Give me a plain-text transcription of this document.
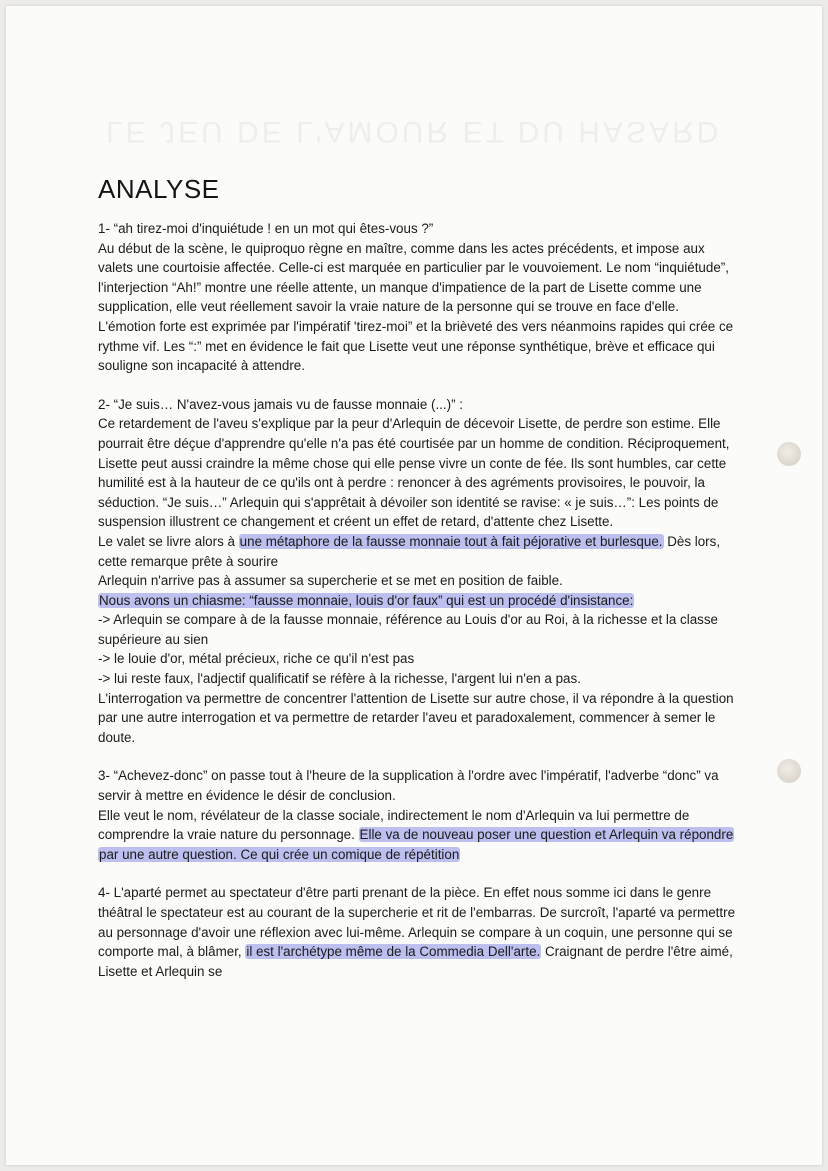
LE JEU DE L'AMOUR ET DU HASARD
ANALYSE

1- “ah tirez-moi d'inquiétude ! en un mot qui êtes-vous ?”

Au début de la scène, le quiproquo règne en maître, comme dans les actes précédents, et impose aux valets une courtoisie affectée. Celle-ci est marquée en particulier par le vouvoiement. Le nom “inquiétude”, l'interjection “Ah!” montre une réelle attente, un manque d'impatience de la part de Lisette comme une supplication, elle veut réellement savoir la vraie nature de la personne qui se trouve en face d'elle. L'émotion forte est exprimée par l'impératif 'tirez-moi” et la brièveté des vers néanmoins rapides qui crée ce rythme vif. Les “:” met en évidence le fait que Lisette veut une réponse synthétique, brève et efficace qui souligne son incapacité à attendre.

2- “Je suis… N'avez-vous jamais vu de fausse monnaie (...)” :

Ce retardement de l'aveu s'explique par la peur d'Arlequin de décevoir Lisette, de perdre son estime. Elle pourrait être déçue d'apprendre qu'elle n'a pas été courtisée par un homme de condition. Réciproquement, Lisette peut aussi craindre la même chose qui elle pense vivre un conte de fée. Ils sont humbles, car cette humilité est à la hauteur de ce qu'ils ont à perdre : renoncer à des agréments provisoires, le pouvoir, la séduction. “Je suis…” Arlequin qui s'apprêtait à dévoiler son identité se ravise: « je suis…”: Les points de suspension illustrent ce changement et créent un effet de retard, d'attente chez Lisette.

Le valet se livre alors à une métaphore de la fausse monnaie tout à fait péjorative et burlesque. Dès lors, cette remarque prête à sourire

Arlequin n'arrive pas à assumer sa supercherie et se met en position de faible.

Nous avons un chiasme: “fausse monnaie, louis d'or faux” qui est un procédé d'insistance:

-> Arlequin se compare à de la fausse monnaie, référence au Louis d'or au Roi, à la richesse et la classe supérieure au sien

-> le louie d'or, métal précieux, riche ce qu'il n'est pas

-> lui reste faux, l'adjectif qualificatif se réfère à la richesse, l'argent lui n'en a pas.

L'interrogation va permettre de concentrer l'attention de Lisette sur autre chose, il va répondre à la question par une autre interrogation et va permettre de retarder l'aveu et paradoxalement, commencer à semer le doute.

3- “Achevez-donc” on passe tout à l'heure de la supplication à l'ordre avec l'impératif, l'adverbe “donc” va servir à mettre en évidence le désir de conclusion.

Elle veut le nom, révélateur de la classe sociale, indirectement le nom d'Arlequin va lui permettre de comprendre la vraie nature du personnage. Elle va de nouveau poser une question et Arlequin va répondre par une autre question. Ce qui crée un comique de répétition

4- L'aparté permet au spectateur d'être parti prenant de la pièce. En effet nous somme ici dans le genre théâtral le spectateur est au courant de la supercherie et rit de l'embarras. De surcroît, l'aparté va permettre au personnage d'avoir une réflexion avec lui-même. Arlequin se compare à un coquin, une personne qui se comporte mal, à blâmer, il est l'archétype même de la Commedia Dell'arte. Craignant de perdre l'être aimé, Lisette et Arlequin se
